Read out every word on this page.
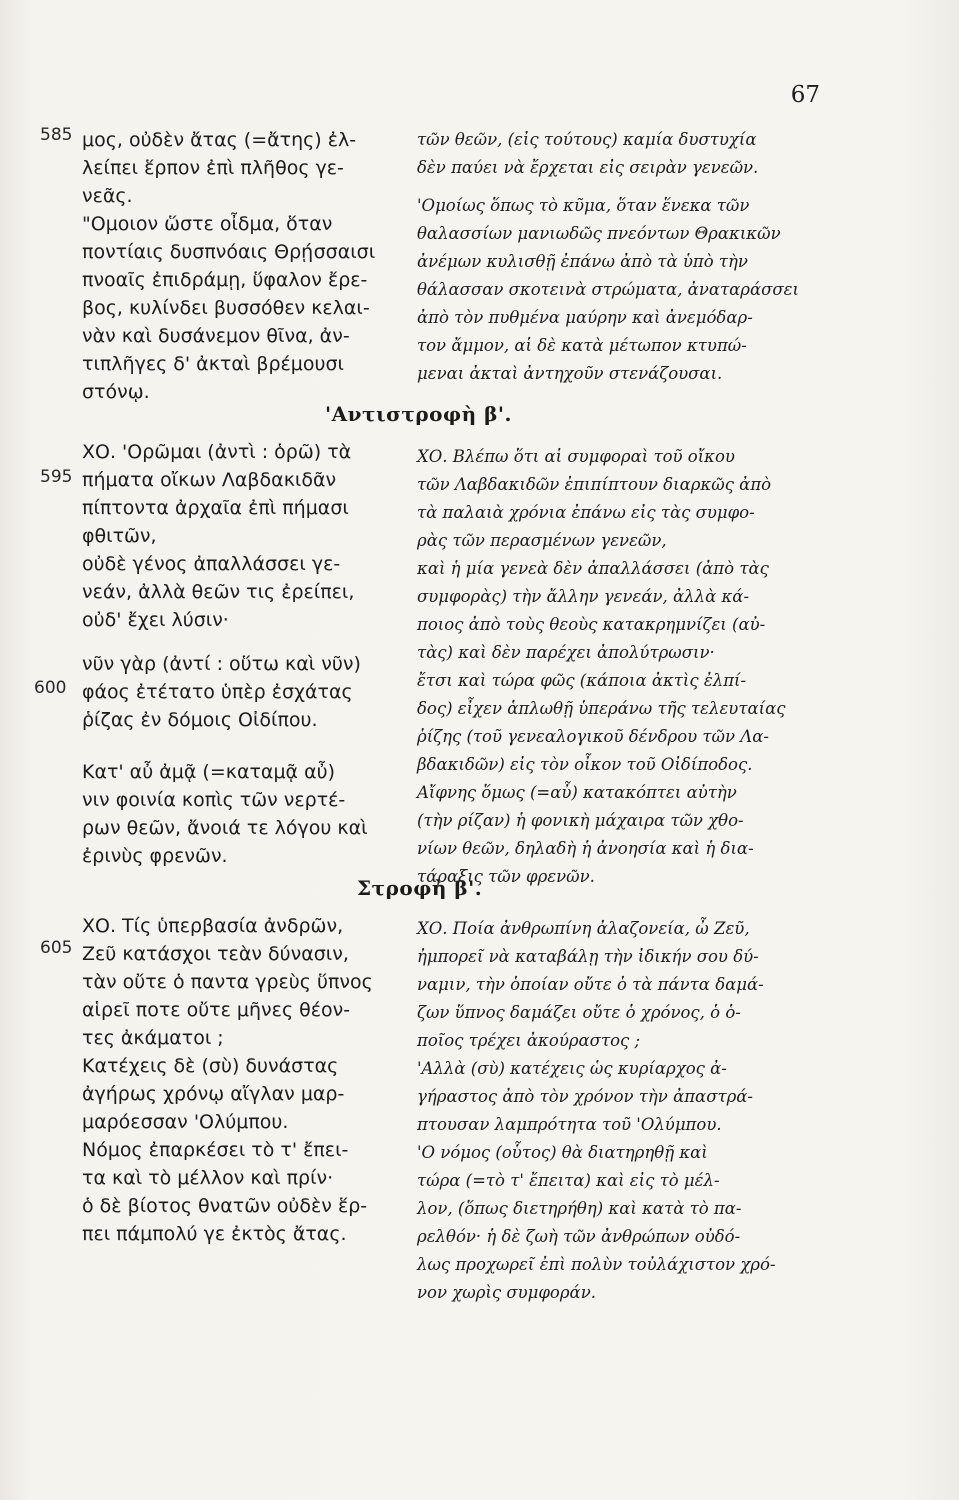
67
585
595
600
605
μος, οὐδὲν ἄτας (=ἄτης) ἐλ-
λείπει ἕρπον ἐπὶ πλῆθος γε-
νεᾶς.
"Ομοιον ὥστε οἶδμα, ὅταν
ποντίαις δυσπνόαις Θρῄσσαισι
πνοαῖς ἐπιδράμῃ, ὕφαλον ἔρε-
βος, κυλίνδει βυσσόθεν κελαι-
νὰν καὶ δυσάνεμον θῖνα, ἀν-
τιπλῆγες δ' ἀκταὶ βρέμουσι
στόνῳ.
τῶν θεῶν, (εἰς τούτους) καμία δυστυχία
δὲν παύει νὰ ἔρχεται εἰς σειρὰν γενεῶν.
'Ομοίως ὅπως τὸ κῦμα, ὅταν ἕνεκα τῶν
θαλασσίων μανιωδῶς πνεόντων Θρακικῶν
ἀνέμων κυλισθῇ ἐπάνω ἀπὸ τὰ ὑπὸ τὴν
θάλασσαν σκοτεινὰ στρώματα, ἀναταράσσει
ἀπὸ τὸν πυθμένα μαύρην καὶ ἀνεμόδαρ-
τον ἄμμον, αἱ δὲ κατὰ μέτωπον κτυπώ-
μεναι ἀκταὶ ἀντηχοῦν στενάζουσαι.
'Αντιστροφὴ β'.
ΧΟ. 'Ορῶμαι (ἀντὶ : ὁρῶ) τὰ
πήματα οἴκων Λαβδακιδᾶν
πίπτοντα ἀρχαῖα ἐπὶ πήμασι
φθιτῶν,
οὐδὲ γένος ἀπαλλάσσει γε-
νεάν, ἀλλὰ θεῶν τις ἐρείπει,
οὐδ' ἔχει λύσιν·
νῦν γὰρ (ἀντί : οὕτω καὶ νῦν)
φάος ἐτέτατο ὑπὲρ ἐσχάτας
ῥίζας ἐν δόμοις Οἰδίπου.
Κατ' αὖ ἀμᾷ (=καταμᾷ αὖ)
νιν φοινία κοπὶς τῶν νερτέ-
ρων θεῶν, ἄνοιά τε λόγου καὶ
ἐρινὺς φρενῶν.
ΧΟ. Βλέπω ὅτι αἱ συμφοραὶ τοῦ οἴκου
τῶν Λαβδακιδῶν ἐπιπίπτουν διαρκῶς ἀπὸ
τὰ παλαιὰ χρόνια ἐπάνω εἰς τὰς συμφο-
ρὰς τῶν περασμένων γενεῶν,
καὶ ἡ μία γενεὰ δὲν ἀπαλλάσσει (ἀπὸ τὰς
συμφορὰς) τὴν ἄλλην γενεάν, ἀλλὰ κά-
ποιος ἀπὸ τοὺς θεοὺς κατακρημνίζει (αὐ-
τὰς) καὶ δὲν παρέχει ἀπολύτρωσιν·
ἔτσι καὶ τώρα φῶς (κάποια ἀκτὶς ἐλπί-
δος) εἶχεν ἁπλωθῇ ὑπεράνω τῆς τελευταίας
ῥίζης (τοῦ γενεαλογικοῦ δένδρου τῶν Λα-
βδακιδῶν) εἰς τὸν οἶκον τοῦ Οἰδίποδος.
Αἴφνης ὅμως (=αὖ) κατακόπτει αὐτὴν
(τὴν ρίζαν) ἡ φονικὴ μάχαιρα τῶν χθο-
νίων θεῶν, δηλαδὴ ἡ ἀνοησία καὶ ἡ δια-
τάραξις τῶν φρενῶν.
Στροφὴ β'.
ΧΟ. Τίς ὑπερβασία ἀνδρῶν,
Ζεῦ κατάσχοι τεὰν δύνασιν,
τὰν οὔτε ὁ παντα γρεὺς ὕπνος
αἱρεῖ ποτε οὔτε μῆνες θέον-
τες ἀκάματοι ;
Κατέχεις δὲ (σὺ) δυνάστας
ἀγήρως χρόνῳ αἴγλαν μαρ-
μαρόεσσαν 'Ολύμπου.
Νόμος ἐπαρκέσει τὸ τ' ἔπει-
τα καὶ τὸ μέλλον καὶ πρίν·
ὁ δὲ βίοτος θνατῶν οὐδὲν ἕρ-
πει πάμπολύ γε ἐκτὸς ἄτας.
ΧΟ. Ποία ἀνθρωπίνη ἀλαζονεία, ὦ Ζεῦ,
ἠμπορεῖ νὰ καταβάλῃ τὴν ἰδικήν σου δύ-
ναμιν, τὴν ὁποίαν οὔτε ὁ τὰ πάντα δαμά-
ζων ὕπνος δαμάζει οὔτε ὁ χρόνος, ὁ ὁ-
ποῖος τρέχει ἀκούραστος ;
'Αλλὰ (σὺ) κατέχεις ὡς κυρίαρχος ἀ-
γήραστος ἀπὸ τὸν χρόνον τὴν ἀπαστρά-
πτουσαν λαμπρότητα τοῦ 'Ολύμπου.
'Ο νόμος (οὗτος) θὰ διατηρηθῇ καὶ
τώρα (=τὸ τ' ἔπειτα) καὶ εἰς τὸ μέλ-
λον, (ὅπως διετηρήθη) καὶ κατὰ τὸ πα-
ρελθόν· ἡ δὲ ζωὴ τῶν ἀνθρώπων οὐδό-
λως προχωρεῖ ἐπὶ πολὺν τοὐλάχιστον χρό-
νον χωρὶς συμφοράν.
